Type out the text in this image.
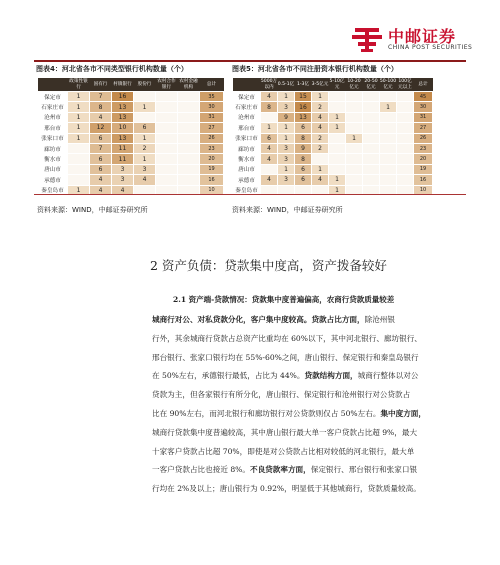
中邮证券
CHINA POST SECURITIES
图表4：河北省各市不同类型银行机构数量（个）	图表5：河北省各市不同注册资本银行机构数量（个）
	政策性银行	国有行	村镇银行	股份行	农村合作银行	农村金融机构	总计
保定市	1	7	16				35
石家庄市	1	8	13	1			30
沧州市	1	4	13				31
邢台市	1	12	10	6			27
张家口市	1	6	13	1			26
廊坊市		7	11	2			23
衡水市		6	11	1			20
唐山市		6	3	3			19
承德市		4	3	4			16
秦皇岛市	1	4	4				10
	5000万以内	0.5-1亿	1-3亿	3-5亿元	5-10亿元	10-20亿元	20-50亿元	50-100亿元	100亿元以上	总计
保定市	4	1	15	1						45
石家庄市	8	3	16	2				1		30
沧州市		9	13	4	1					31
邢台市	1	1	6	4	1					27
张家口市	6	1	8	2		1				26
廊坊市	4	3	9	2						23
衡水市	4	3	8							20
唐山市		1	6	1						19
承德市	4	3	6	4	1					16
秦皇岛市					1					10
资料来源：WIND，中邮证券研究所	资料来源：WIND，中邮证券研究所
2 资产负债：贷款集中度高，资产拨备较好
2.1 资产端-贷款情况：贷款集中度普遍偏高，农商行贷款质量较差

城商行对公、对私贷款分化，客户集中度较高。贷款占比方面，除沧州银

行外，其余城商行贷款占总资产比重均在 60%以下，其中河北银行、廊坊银行、

邢台银行、张家口银行均在 55%-60%之间，唐山银行、保定银行和秦皇岛银行

在 50%左右，承德银行最低，占比为 44%。贷款结构方面，城商行整体以对公

贷款为主，但各家银行有所分化，唐山银行、保定银行和沧州银行对公贷款占

比在 90%左右，而河北银行和廊坊银行对公贷款则仅占 50%左右。集中度方面，

城商行贷款集中度普遍较高，其中唐山银行最大单一客户贷款占比超 9%，最大

十家客户贷款占比超 70%，即使是对公贷款占比相对较低的河北银行，最大单

一客户贷款占比也接近 8%。不良贷款率方面，保定银行、邢台银行和张家口银

行均在 2%及以上；唐山银行为 0.92%，明显低于其他城商行，贷款质量较高。
